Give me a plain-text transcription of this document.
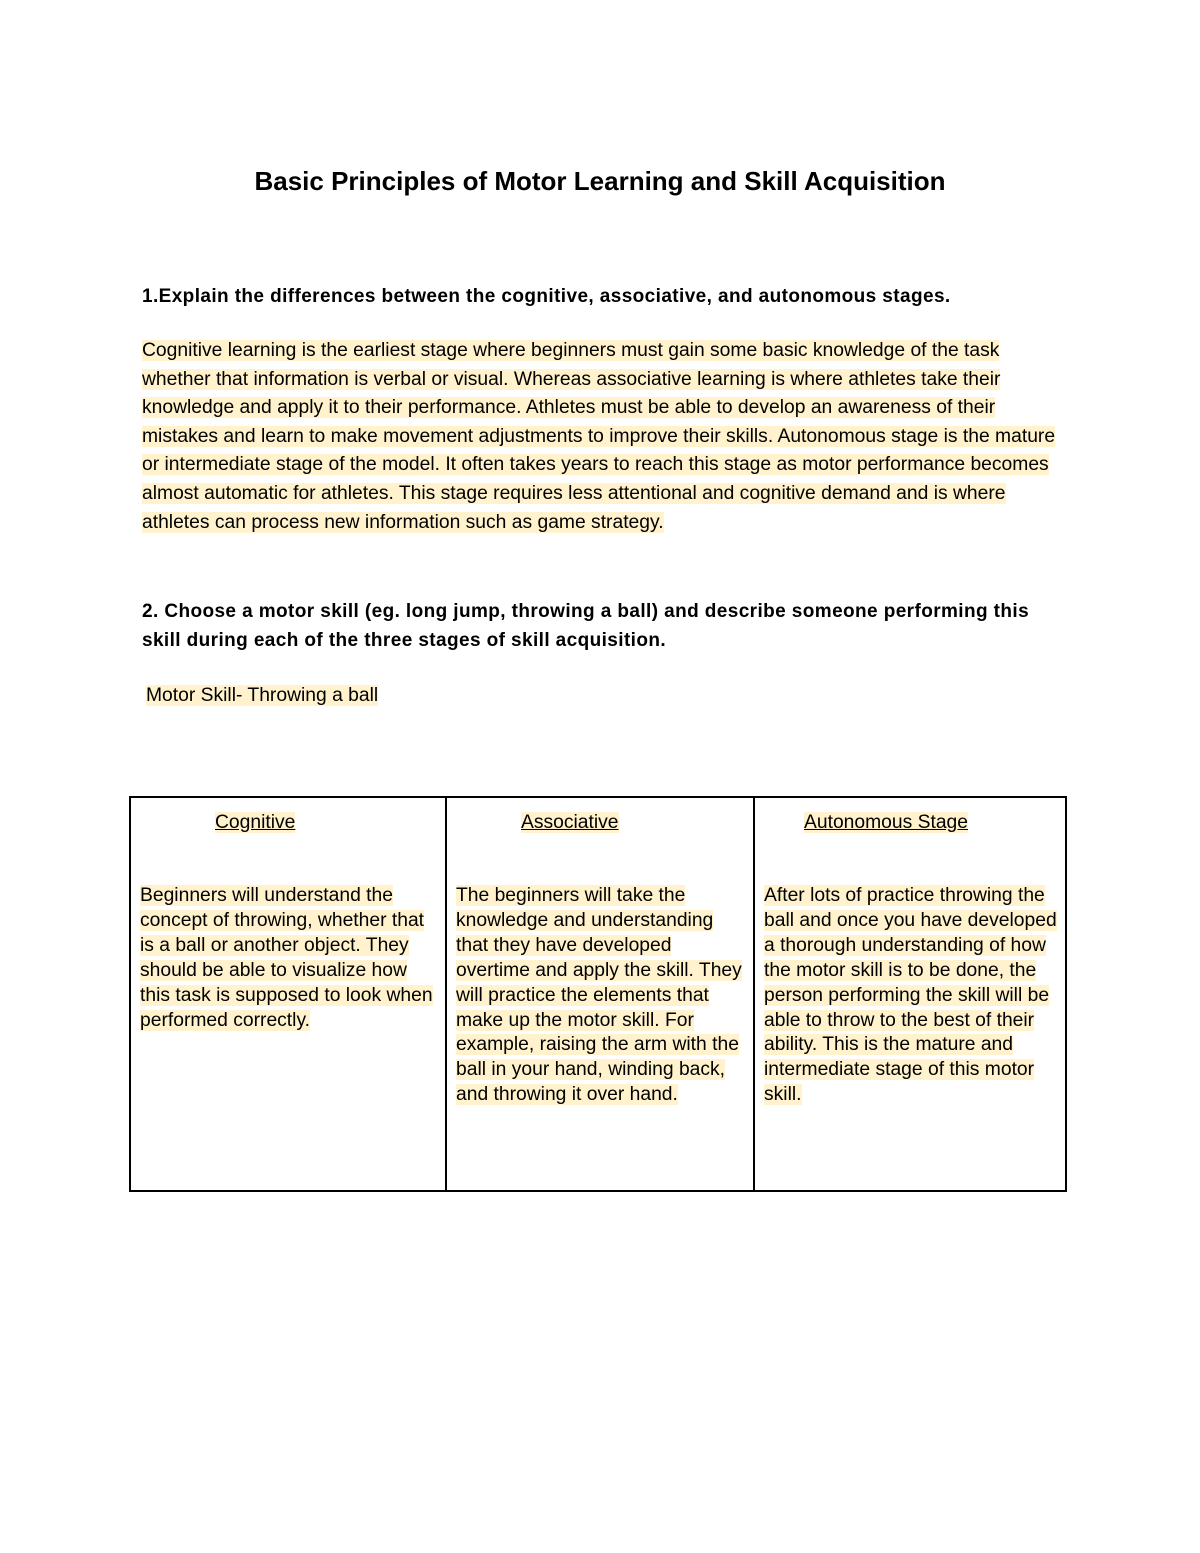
Basic Principles of Motor Learning and Skill Acquisition
1.Explain the differences between the cognitive, associative, and autonomous stages.
Cognitive learning is the earliest stage where beginners must gain some basic knowledge of the task whether that information is verbal or visual. Whereas associative learning is where athletes take their knowledge and apply it to their performance. Athletes must be able to develop an awareness of their mistakes and learn to make movement adjustments to improve their skills. Autonomous stage is the mature or intermediate stage of the model. It often takes years to reach this stage as motor performance becomes almost automatic for athletes. This stage requires less attentional and cognitive demand and is where athletes can process new information such as game strategy.
2. Choose a motor skill (eg. long jump, throwing a ball) and describe someone performing this skill during each of the three stages of skill acquisition.
Motor Skill- Throwing a ball
Cognitive
Beginners will understand the concept of throwing, whether that is a ball or another object. They should be able to visualize how this task is supposed to look when performed correctly.
Associative
The beginners will take the knowledge and understanding that they have developed overtime and apply the skill. They will practice the elements that make up the motor skill. For example, raising the arm with the ball in your hand, winding back, and throwing it over hand.
Autonomous Stage
After lots of practice throwing the ball and once you have developed a thorough understanding of how the motor skill is to be done, the person performing the skill will be able to throw to the best of their ability. This is the mature and intermediate stage of this motor skill.
